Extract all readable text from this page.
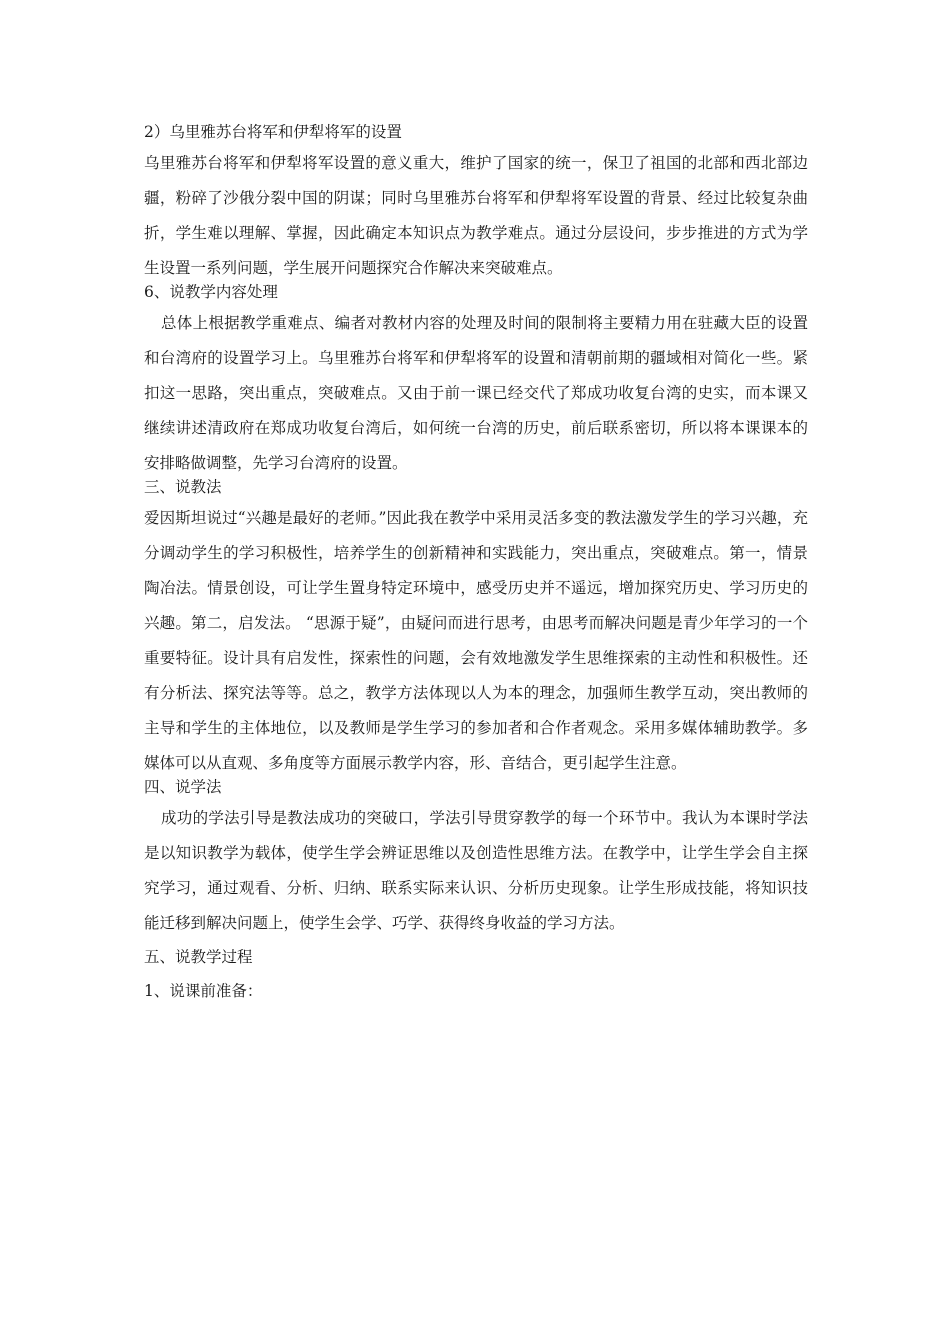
2）乌里雅苏台将军和伊犁将军的设置

乌里雅苏台将军和伊犁将军设置的意义重大，维护了国家的统一，保卫了祖国的北部和西北部边疆，粉碎了沙俄分裂中国的阴谋；同时乌里雅苏台将军和伊犁将军设置的背景、经过比较复杂曲折，学生难以理解、掌握，因此确定本知识点为教学难点。通过分层设问，步步推进的方式为学生设置一系列问题，学生展开问题探究合作解决来突破难点。

6、说教学内容处理

总体上根据教学重难点、编者对教材内容的处理及时间的限制将主要精力用在驻藏大臣的设置和台湾府的设置学习上。乌里雅苏台将军和伊犁将军的设置和清朝前期的疆域相对简化一些。紧扣这一思路，突出重点，突破难点。又由于前一课已经交代了郑成功收复台湾的史实，而本课又继续讲述清政府在郑成功收复台湾后，如何统一台湾的历史，前后联系密切，所以将本课课本的安排略做调整，先学习台湾府的设置。

三、说教法

爱因斯坦说过“兴趣是最好的老师。”因此我在教学中采用灵活多变的教法激发学生的学习兴趣，充分调动学生的学习积极性，培养学生的创新精神和实践能力，突出重点，突破难点。第一，情景陶冶法。情景创设，可让学生置身特定环境中，感受历史并不遥远，增加探究历史、学习历史的兴趣。第二，启发法。 “思源于疑”，由疑问而进行思考，由思考而解决问题是青少年学习的一个重要特征。设计具有启发性，探索性的问题，会有效地激发学生思维探索的主动性和积极性。还有分析法、探究法等等。总之，教学方法体现以人为本的理念，加强师生教学互动，突出教师的主导和学生的主体地位，以及教师是学生学习的参加者和合作者观念。采用多媒体辅助教学。多媒体可以从直观、多角度等方面展示教学内容，形、音结合，更引起学生注意。

四、说学法

成功的学法引导是教法成功的突破口，学法引导贯穿教学的每一个环节中。我认为本课时学法是以知识教学为载体，使学生学会辨证思维以及创造性思维方法。在教学中，让学生学会自主探究学习，通过观看、分析、归纳、联系实际来认识、分析历史现象。让学生形成技能，将知识技能迁移到解决问题上，使学生会学、巧学、获得终身收益的学习方法。

五、说教学过程

1、说课前准备：
